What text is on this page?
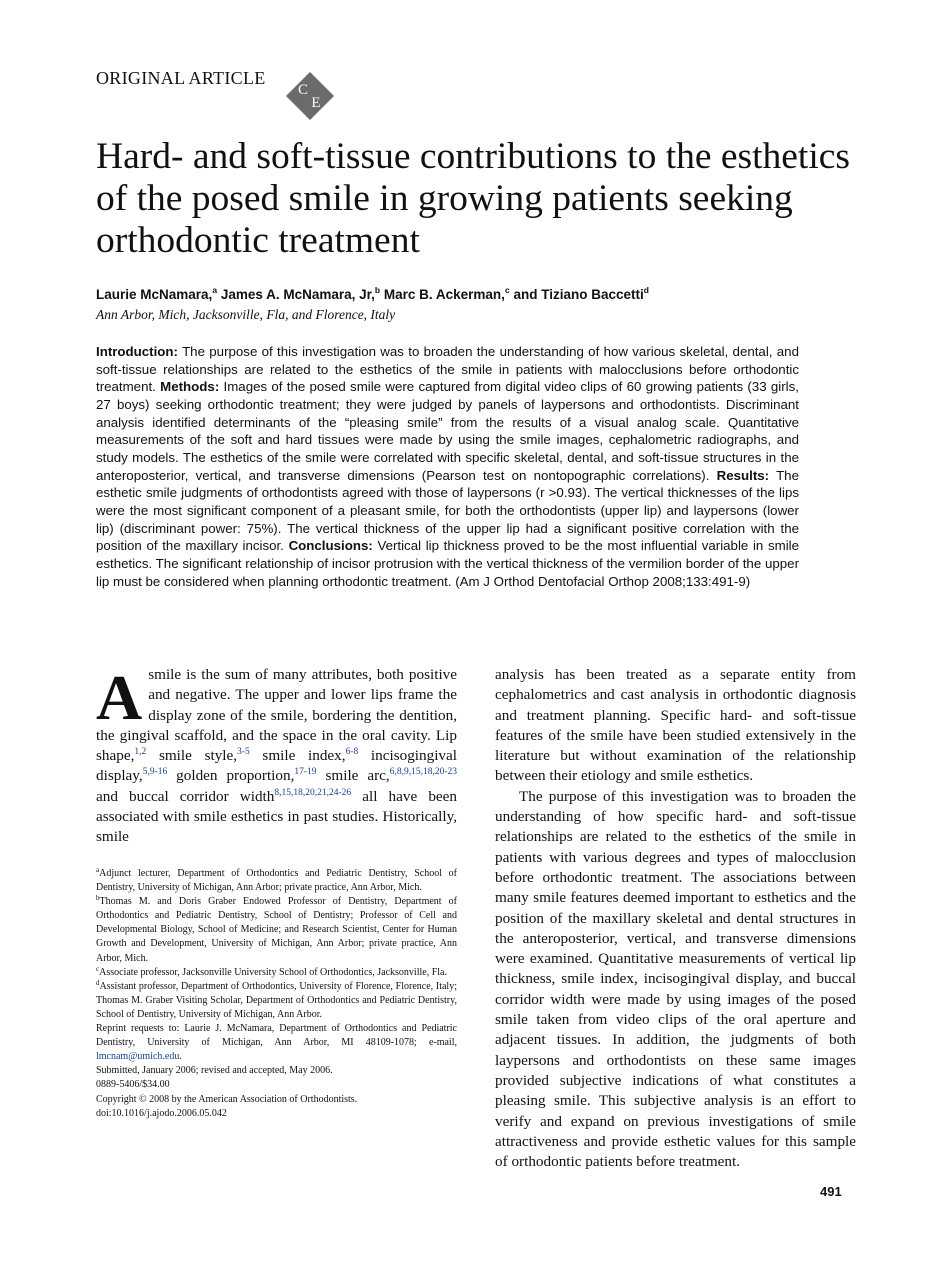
ORIGINAL ARTICLE
C
E
Hard- and soft-tissue contributions to the esthetics of the posed smile in growing patients seeking orthodontic treatment
Laurie McNamara,$^a$ James A. McNamara, Jr,$^b$ Marc B. Ackerman,$^c$ and Tiziano Baccetti$^d$
Ann Arbor, Mich, Jacksonville, Fla, and Florence, Italy
Introduction: The purpose of this investigation was to broaden the understanding of how various skeletal, dental, and soft-tissue relationships are related to the esthetics of the smile in patients with malocclusions before orthodontic treatment. Methods: Images of the posed smile were captured from digital video clips of 60 growing patients (33 girls, 27 boys) seeking orthodontic treatment; they were judged by panels of laypersons and orthodontists. Discriminant analysis identified determinants of the “pleasing smile” from the results of a visual analog scale. Quantitative measurements of the soft and hard tissues were made by using the smile images, cephalometric radiographs, and study models. The esthetics of the smile were correlated with specific skeletal, dental, and soft-tissue structures in the anteroposterior, vertical, and transverse dimensions (Pearson test on nontopographic correlations). Results: The esthetic smile judgments of orthodontists agreed with those of laypersons (r >0.93). The vertical thicknesses of the lips were the most significant component of a pleasant smile, for both the orthodontists (upper lip) and laypersons (lower lip) (discriminant power: 75%). The vertical thickness of the upper lip had a significant positive correlation with the position of the maxillary incisor. Conclusions: Vertical lip thickness proved to be the most influential variable in smile esthetics. The significant relationship of incisor protrusion with the vertical thickness of the vermilion border of the upper lip must be considered when planning orthodontic treatment. (Am J Orthod Dentofacial Orthop 2008;133:491-9)

Asmile is the sum of many attributes, both positive and negative. The upper and lower lips frame the display zone of the smile, bordering the dentition, the gingival scaffold, and the space in the oral cavity. Lip shape,$^{1,2}$ smile style,$^{3-5}$ smile index,$^{6-8}$ incisogingival display,$^{5,9-16}$ golden proportion,$^{17-19}$ smile arc,$^{6,8,9,15,18,20-23}$ and buccal corridor width$^{8,15,18,20,21,24-26}$ all have been associated with smile esthetics in past studies. Historically, smile

$^a$Adjunct lecturer, Department of Orthodontics and Pediatric Dentistry, School of Dentistry, University of Michigan, Ann Arbor; private practice, Ann Arbor, Mich.

$^b$Thomas M. and Doris Graber Endowed Professor of Dentistry, Department of Orthodontics and Pediatric Dentistry, School of Dentistry; Professor of Cell and Developmental Biology, School of Medicine; and Research Scientist, Center for Human Growth and Development, University of Michigan, Ann Arbor; private practice, Ann Arbor, Mich.

$^c$Associate professor, Jacksonville University School of Orthodontics, Jacksonville, Fla.

$^d$Assistant professor, Department of Orthodontics, University of Florence, Florence, Italy; Thomas M. Graber Visiting Scholar, Department of Orthodontics and Pediatric Dentistry, School of Dentistry, University of Michigan, Ann Arbor.

Reprint requests to: Laurie J. McNamara, Department of Orthodontics and Pediatric Dentistry, University of Michigan, Ann Arbor, MI 48109-1078; e-mail, lmcnam@umich.edu.

Submitted, January 2006; revised and accepted, May 2006.

0889-5406/$34.00

Copyright © 2008 by the American Association of Orthodontists.

doi:10.1016/j.ajodo.2006.05.042

analysis has been treated as a separate entity from cephalometrics and cast analysis in orthodontic diagnosis and treatment planning. Specific hard- and soft-tissue features of the smile have been studied extensively in the literature but without examination of the relationship between their etiology and smile esthetics.

The purpose of this investigation was to broaden the understanding of how specific hard- and soft-tissue relationships are related to the esthetics of the smile in patients with various degrees and types of malocclusion before orthodontic treatment. The associations between many smile features deemed important to esthetics and the position of the maxillary skeletal and dental structures in the anteroposterior, vertical, and transverse dimensions were examined. Quantitative measurements of vertical lip thickness, smile index, incisogingival display, and buccal corridor width were made by using images of the posed smile taken from video clips of the oral aperture and adjacent tissues. In addition, the judgments of both laypersons and orthodontists on these same images provided subjective indications of what constitutes a pleasing smile. This subjective analysis is an effort to verify and expand on previous investigations of smile attractiveness and provide esthetic values for this sample of orthodontic patients before treatment.

491
